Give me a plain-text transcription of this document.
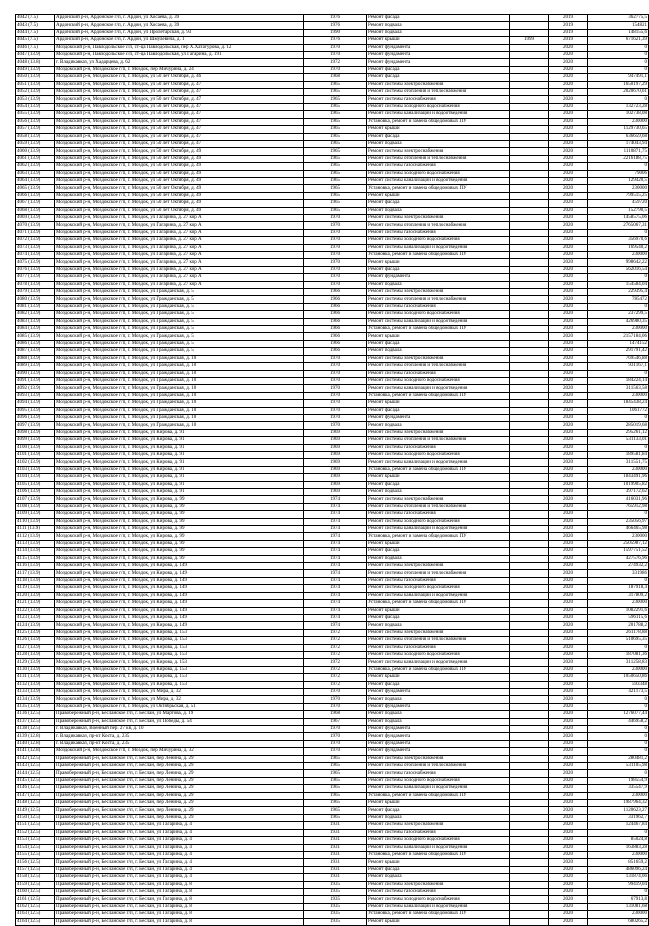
4042 (7.5)	Ардонский р-н, Ардонское г/п, г. Ардон, ул Хосаева, д. 39	1976	Ремонт фасада		2019	362775,5
4043 (7.5)	Ардонский р-н, Ардонское г/п, г. Ардон, ул Хосаева, д. 39	1976	Ремонт подвала		2019	154821
4044 (7.5)	Ардонский р-н, Ардонское г/п, г. Ардон, ул Пролетарская, д. 93	1990	Ремонт подвала		2019	148155,6
4045 (7.5)	Ардонский р-н, Ардонское г/п, г. Ардон, ул Шмулевича, д. 1	1976	Ремонт крыши	1999	2019	671621,39
4046 (7.5)	Моздокский р-н, Павлодольское с/п, ст-ца Павлодольская, пер Х.Хатагурова, д. 12	1970	Ремонт фундамента		2020	0
4047 (13.9)	Моздокский р-н, Павлодольское с/п, ст-ца Павлодольская, ул Гагарина, д. 191	1970	Ремонт фундамента		2020	0
4048 (13.8)	г. Владикавказ, ул Хадарцева, д. 62	1972	Ремонт фундамента		2020	0
4049 (13.9)	Моздокский р-н, Моздокское г/п, г. Моздок, пер Мичурина, д. 24	1970	Ремонт фасада		2020	0
4050 (13.9)	Моздокский р-н, Моздокское г/п, г. Моздок, ул 50 лет Октября, д. 46	1968	Ремонт фасада		2020	947491,1
4051 (13.9)	Моздокский р-н, Моздокское г/п, г. Моздок, ул 50 лет Октября, д. 47	1965	Ремонт системы электроснабжения		2020	1650197,29
4052 (13.9)	Моздокский р-н, Моздокское г/п, г. Моздок, ул 50 лет Октября, д. 47	1965	Ремонт системы отопления и теплоснабжения		2020	2020670,61
4053 (13.9)	Моздокский р-н, Моздокское г/п, г. Моздок, ул 50 лет Октября, д. 47	1965	Ремонт системы газоснабжения		2020	0
4054 (13.9)	Моздокский р-н, Моздокское г/п, г. Моздок, ул 50 лет Октября, д. 47	1965	Ремонт системы холодного водоснабжения		2020	132723,28
4055 (13.9)	Моздокский р-н, Моздокское г/п, г. Моздок, ул 50 лет Октября, д. 47	1965	Ремонт системы канализации и водоотведения		2020	102738,08
4056 (13.9)	Моздокский р-н, Моздокское г/п, г. Моздок, ул 50 лет Октября, д. 47	1965	Установка, ремонт и замена общедомовых ПУ		2020	230000
4057 (13.9)	Моздокский р-н, Моздокское г/п, г. Моздок, ул 50 лет Октября, д. 47	1965	Ремонт крыши		2020	1129730,65
4058 (13.9)	Моздокский р-н, Моздокское г/п, г. Моздок, ул 50 лет Октября, д. 47	1965	Ремонт фасада		2020	636659,68
4059 (13.9)	Моздокский р-н, Моздокское г/п, г. Моздок, ул 50 лет Октября, д. 47	1965	Ремонт подвала		2020	174043,94
4060 (13.9)	Моздокский р-н, Моздокское г/п, г. Моздок, ул 50 лет Октября, д. 49	1965	Ремонт системы электроснабжения		2020	1110871,75
4061 (13.9)	Моздокский р-н, Моздокское г/п, г. Моздок, ул 50 лет Октября, д. 49	1965	Ремонт системы отопления и теплоснабжения		2020	2216188,75
4062 (13.9)	Моздокский р-н, Моздокское г/п, г. Моздок, ул 50 лет Октября, д. 49	1965	Ремонт системы газоснабжения		2020	0
4063 (13.9)	Моздокский р-н, Моздокское г/п, г. Моздок, ул 50 лет Октября, д. 49	1965	Ремонт системы холодного водоснабжения		2020	79006
4064 (13.9)	Моздокский р-н, Моздокское г/п, г. Моздок, ул 50 лет Октября, д. 49	1965	Ремонт системы канализации и водоотведения		2020	129420,5
4065 (13.9)	Моздокский р-н, Моздокское г/п, г. Моздок, ул 50 лет Октября, д. 49	1965	Установка, ремонт и замена общедомовых ПУ		2020	230000
4066 (13.9)	Моздокский р-н, Моздокское г/п, г. Моздок, ул 50 лет Октября, д. 49	1965	Ремонт крыши		2020	799515,25
4067 (13.9)	Моздокский р-н, Моздокское г/п, г. Моздок, ул 50 лет Октября, д. 49	1965	Ремонт фасада		2020	459720
4068 (13.9)	Моздокский р-н, Моздокское г/п, г. Моздок, ул 50 лет Октября, д. 49	1965	Ремонт подвала		2020	152790,5
4069 (13.9)	Моздокский р-н, Моздокское г/п, г. Моздок, ул Гагарина, д. 27 кор А	1970	Ремонт системы электроснабжения		2020	1458575,06
4070 (13.9)	Моздокский р-н, Моздокское г/п, г. Моздок, ул Гагарина, д. 27 кор А	1970	Ремонт системы отопления и теплоснабжения		2020	2765067,31
4071 (13.9)	Моздокский р-н, Моздокское г/п, г. Моздок, ул Гагарина, д. 27 кор А	1970	Ремонт системы газоснабжения		2020	0
4072 (13.9)	Моздокский р-н, Моздокское г/п, г. Моздок, ул Гагарина, д. 27 кор А	1970	Ремонт системы холодного водоснабжения		2020	356970,6
4073 (13.9)	Моздокский р-н, Моздокское г/п, г. Моздок, ул Гагарина, д. 27 кор А	1970	Ремонт системы канализации и водоотведения		2020	169540,2
4074 (13.9)	Моздокский р-н, Моздокское г/п, г. Моздок, ул Гагарина, д. 27 кор А	1970	Установка, ремонт и замена общедомовых ПУ		2020	230000
4075 (13.9)	Моздокский р-н, Моздокское г/п, г. Моздок, ул Гагарина, д. 27 кор А	1970	Ремонт крыши		2020	998642,22
4076 (13.9)	Моздокский р-н, Моздокское г/п, г. Моздок, ул Гагарина, д. 27 кор А	1970	Ремонт фасада		2020	562016,54
4077 (13.9)	Моздокский р-н, Моздокское г/п, г. Моздок, ул Гагарина, д. 27 кор А	1970	Ремонт фундамента		2020	0
4078 (13.9)	Моздокский р-н, Моздокское г/п, г. Моздок, ул Гагарина, д. 27 кор А	1970	Ремонт подвала		2020	154584,04
4079 (13.9)	Моздокский р-н, Моздокское г/п, г. Моздок, ул Гражданская, д. 5	1966	Ремонт системы электроснабжения		2020	229395,4
4080 (13.9)	Моздокский р-н, Моздокское г/п, г. Моздок, ул Гражданская, д. 5	1966	Ремонт системы отопления и теплоснабжения		2020	785472
4081 (13.9)	Моздокский р-н, Моздокское г/п, г. Моздок, ул Гражданская, д. 5	1966	Ремонт системы газоснабжения		2020	0
4082 (13.9)	Моздокский р-н, Моздокское г/п, г. Моздок, ул Гражданская, д. 5	1966	Ремонт системы холодного водоснабжения		2020	237299,5
4083 (13.9)	Моздокский р-н, Моздокское г/п, г. Моздок, ул Гражданская, д. 5	1966	Ремонт системы канализации и водоотведения		2020	426980,35
4084 (13.9)	Моздокский р-н, Моздокское г/п, г. Моздок, ул Гражданская, д. 5	1966	Установка, ремонт и замена общедомовых ПУ		2020	230000
4085 (13.9)	Моздокский р-н, Моздокское г/п, г. Моздок, ул Гражданская, д. 5	1966	Ремонт крыши		2020	2157184,06
4086 (13.9)	Моздокский р-н, Моздокское г/п, г. Моздок, ул Гражданская, д. 5	1966	Ремонт фасада		2020	1474152
4087 (13.9)	Моздокский р-н, Моздокское г/п, г. Моздок, ул Гражданская, д. 5	1966	Ремонт подвала		2020	291791,42
4088 (13.9)	Моздокский р-н, Моздокское г/п, г. Моздок, ул Гражданская, д. 10	1970	Ремонт системы электроснабжения		2020	769546,88
4089 (13.9)	Моздокский р-н, Моздокское г/п, г. Моздок, ул Гражданская, д. 10	1970	Ремонт системы отопления и теплоснабжения		2020	931167,1
4090 (13.9)	Моздокский р-н, Моздокское г/п, г. Моздок, ул Гражданская, д. 10	1970	Ремонт системы газоснабжения		2020	0
4091 (13.9)	Моздокский р-н, Моздокское г/п, г. Моздок, ул Гражданская, д. 10	1970	Ремонт системы холодного водоснабжения		2020	184224,14
4092 (13.9)	Моздокский р-н, Моздокское г/п, г. Моздок, ул Гражданская, д. 10	1970	Ремонт системы канализации и водоотведения		2020	311563,58
4093 (13.9)	Моздокский р-н, Моздокское г/п, г. Моздок, ул Гражданская, д. 10	1970	Установка, ремонт и замена общедомовых ПУ		2020	230000
4094 (13.9)	Моздокский р-н, Моздокское г/п, г. Моздок, ул Гражданская, д. 10	1970	Ремонт крыши		2020	1845438,24
4095 (13.9)	Моздокский р-н, Моздокское г/п, г. Моздок, ул Гражданская, д. 10	1970	Ремонт фасада		2020	1061772
4096 (13.9)	Моздокский р-н, Моздокское г/п, г. Моздок, ул Гражданская, д. 10	1970	Ремонт фундамента		2020	0
4097 (13.9)	Моздокский р-н, Моздокское г/п, г. Моздок, ул Гражданская, д. 10	1970	Ремонт подвала		2020	285019,68
4098 (13.9)	Моздокский р-н, Моздокское г/п, г. Моздок, ул Кирова, д. 91	1969	Ремонт системы электроснабжения		2020	295261,12
4099 (13.9)	Моздокский р-н, Моздокское г/п, г. Моздок, ул Кирова, д. 91	1969	Ремонт системы отопления и теплоснабжения		2020	531133,01
4100 (13.9)	Моздокский р-н, Моздокское г/п, г. Моздок, ул Кирова, д. 91	1969	Ремонт системы газоснабжения		2020	0
4101 (13.9)	Моздокский р-н, Моздокское г/п, г. Моздок, ул Кирова, д. 91	1969	Ремонт системы холодного водоснабжения		2020	189581,84
4102 (13.9)	Моздокский р-н, Моздокское г/п, г. Моздок, ул Кирова, д. 91	1969	Ремонт системы канализации и водоотведения		2020	311551,75
4103 (13.9)	Моздокский р-н, Моздокское г/п, г. Моздок, ул Кирова, д. 91	1969	Установка, ремонт и замена общедомовых ПУ		2020	230000
4104 (13.9)	Моздокский р-н, Моздокское г/п, г. Моздок, ул Кирова, д. 91	1969	Ремонт крыши		2020	1843491,96
4105 (13.9)	Моздокский р-н, Моздокское г/п, г. Моздок, ул Кирова, д. 91	1969	Ремонт фасада		2020	1019905,82
4106 (13.9)	Моздокский р-н, Моздокское г/п, г. Моздок, ул Кирова, д. 91	1969	Ремонт подвала		2020	397172,62
4107 (13.9)	Моздокский р-н, Моздокское г/п, г. Моздок, ул Кирова, д. 99	1974	Ремонт системы электроснабжения		2020	416031,96
4108 (13.9)	Моздокский р-н, Моздокское г/п, г. Моздок, ул Кирова, д. 99	1974	Ремонт системы отопления и теплоснабжения		2020	765912,98
4109 (13.9)	Моздокский р-н, Моздокское г/п, г. Моздок, ул Кирова, д. 99	1974	Ремонт системы газоснабжения		2020	0
4110 (13.9)	Моздокский р-н, Моздокское г/п, г. Моздок, ул Кирова, д. 99	1974	Ремонт системы холодного водоснабжения		2020	235056,97
4111 (13.9)	Моздокский р-н, Моздокское г/п, г. Моздок, ул Кирова, д. 99	1974	Ремонт системы канализации и водоотведения		2020	466465,98
4112 (13.9)	Моздокский р-н, Моздокское г/п, г. Моздок, ул Кирова, д. 99	1974	Установка, ремонт и замена общедомовых ПУ		2020	230000
4113 (13.9)	Моздокский р-н, Моздокское г/п, г. Моздок, ул Кирова, д. 99	1974	Ремонт крыши		2020	2505987,12
4114 (13.9)	Моздокский р-н, Моздокское г/п, г. Моздок, ул Кирова, д. 99	1974	Ремонт фасада		2020	1597751,52
4115 (13.9)	Моздокский р-н, Моздокское г/п, г. Моздок, ул Кирова, д. 99	1974	Ремонт подвала		2020	427576,96
4116 (13.9)	Моздокский р-н, Моздокское г/п, г. Моздок, ул Кирова, д. 149	1974	Ремонт системы электроснабжения		2020	274932,2
4117 (13.9)	Моздокский р-н, Моздокское г/п, г. Моздок, ул Кирова, д. 149	1974	Ремонт системы отопления и теплоснабжения		2020	331986
4118 (13.9)	Моздокский р-н, Моздокское г/п, г. Моздок, ул Кирова, д. 149	1974	Ремонт системы газоснабжения		2020	0
4119 (13.9)	Моздокский р-н, Моздокское г/п, г. Моздок, ул Кирова, д. 149	1974	Ремонт системы холодного водоснабжения		2020	187918,4
4120 (13.9)	Моздокский р-н, Моздокское г/п, г. Моздок, ул Кирова, д. 149	1974	Ремонт системы канализации и водоотведения		2020	317809,2
4121 (13.9)	Моздокский р-н, Моздокское г/п, г. Моздок, ул Кирова, д. 149	1974	Установка, ремонт и замена общедомовых ПУ		2020	230000
4122 (13.9)	Моздокский р-н, Моздокское г/п, г. Моздок, ул Кирова, д. 149	1974	Ремонт крыши		2020	1082291,6
4123 (13.9)	Моздокский р-н, Моздокское г/п, г. Моздок, ул Кирова, д. 149	1974	Ремонт фасада		2020	596115,6
4124 (13.9)	Моздокский р-н, Моздокское г/п, г. Моздок, ул Кирова, д. 149	1974	Ремонт подвала		2020	201788,2
4125 (13.9)	Моздокский р-н, Моздокское г/п, г. Моздок, ул Кирова, д. 153	1972	Ремонт системы электроснабжения		2020	261178,88
4126 (13.9)	Моздокский р-н, Моздокское г/п, г. Моздок, ул Кирова, д. 153	1972	Ремонт системы отопления и теплоснабжения		2020	510695,35
4127 (13.9)	Моздокский р-н, Моздокское г/п, г. Моздок, ул Кирова, д. 153	1972	Ремонт системы газоснабжения		2020	0
4128 (13.9)	Моздокский р-н, Моздокское г/п, г. Моздок, ул Кирова, д. 153	1972	Ремонт системы холодного водоснабжения		2020	187081,36
4129 (13.9)	Моздокский р-н, Моздокское г/п, г. Моздок, ул Кирова, д. 153	1972	Ремонт системы канализации и водоотведения		2020	311258,83
4130 (13.9)	Моздокский р-н, Моздокское г/п, г. Моздок, ул Кирова, д. 153	1972	Установка, ремонт и замена общедомовых ПУ		2020	230000
4131 (13.9)	Моздокский р-н, Моздокское г/п, г. Моздок, ул Кирова, д. 153	1972	Ремонт крыши		2020	1050650,86
4132 (13.9)	Моздокский р-н, Моздокское г/п, г. Моздок, ул Кирова, д. 153	1972	Ремонт фасада		2020	593348
4133 (13.9)	Моздокский р-н, Моздокское г/п, г. Моздок, ул Мира, д. 32	1970	Ремонт фундамента		2020	421173,5
4134 (13.9)	Моздокский р-н, Моздокское г/п, г. Моздок, ул Мира, д. 32	1970	Ремонт подвала		2020	0
4135 (13.9)	Моздокский р-н, Моздокское г/п, г. Моздок, ул Октябрьская, д. 51	1970	Ремонт фундамента		2020	0
4136 (12.5)	Правобережный р-н, Бесланское г/п, г. Беслан, ул Мартова, д. 19	1968	Ремонт подвала		2020	1276077,44
4137 (12.5)	Правобережный р-н, Бесланское г/п, г. Беслан, ул Победы, д. 54	1967	Ремонт подвала		2020	446958,2
4138 (12.5)	г. Владикавказ, Военный пер. 27 кв, д. 10	1970	Ремонт фундамента		2020	0
4139 (12.8)	г. Владикавказ, пр-кт Коста, д. 235	1970	Ремонт фундамента		2020	0
4140 (12.8)	г. Владикавказ, пр-кт Коста, д. 235	1970	Ремонт фундамента		2020	0
4141 (12.8)	Моздокский р-н, Моздокское г/п, г. Моздок, пер Мичурина, д. 32	1970	Ремонт фундамента		2020	0
4142 (12.5)	Правобережный р-н, Бесланское г/п, г. Беслан, пер Ленина, д. 29	1965	Ремонт системы электроснабжения		2020	280481,2
4143 (12.5)	Правобережный р-н, Бесланское г/п, г. Беслан, пер Ленина, д. 29	1965	Ремонт системы отопления и теплоснабжения		2020	531105,98
4144 (12.5)	Правобережный р-н, Бесланское г/п, г. Беслан, пер Ленина, д. 29	1965	Ремонт системы газоснабжения		2020	0
4145 (12.5)	Правобережный р-н, Бесланское г/п, г. Беслан, пер Ленина, д. 29	1965	Ремонт системы холодного водоснабжения		2020	198554,9
4146 (12.5)	Правобережный р-н, Бесланское г/п, г. Беслан, пер Ленина, д. 29	1965	Ремонт системы канализации и водоотведения		2020	335547,9
4147 (12.5)	Правобережный р-н, Бесланское г/п, г. Беслан, пер Ленина, д. 29	1965	Установка, ремонт и замена общедомовых ПУ		2020	230000
4148 (12.5)	Правобережный р-н, Бесланское г/п, г. Беслан, пер Ленина, д. 29	1965	Ремонт крыши		2020	1987964,32
4149 (12.5)	Правобережный р-н, Бесланское г/п, г. Беслан, пер Ленина, д. 29	1965	Ремонт фасада		2020	1120623,27
4150 (12.5)	Правобережный р-н, Бесланское г/п, г. Беслан, пер Ленина, д. 29	1965	Ремонт подвала		2020	331962,7
4151 (12.5)	Правобережный р-н, Бесланское г/п, г. Беслан, ул Гагарина, д. 4	1931	Ремонт системы электроснабжения		2020	124467,84
4152 (12.5)	Правобережный р-н, Бесланское г/п, г. Беслан, ул Гагарина, д. 4	1931	Ремонт системы газоснабжения		2020	0
4153 (12.5)	Правобережный р-н, Бесланское г/п, г. Беслан, ул Гагарина, д. 4	1931	Ремонт системы холодного водоснабжения		2020	85024,8
4154 (12.5)	Правобережный р-н, Бесланское г/п, г. Беслан, ул Гагарина, д. 4	1931	Ремонт системы канализации и водоотведения		2020	163883,28
4155 (12.5)	Правобережный р-н, Бесланское г/п, г. Беслан, ул Гагарина, д. 4	1931	Установка, ремонт и замена общедомовых ПУ		2020	230000
4156 (12.5)	Правобережный р-н, Бесланское г/п, г. Беслан, ул Гагарина, д. 4	1931	Ремонт крыши		2020	851659,2
4157 (12.5)	Правобережный р-н, Бесланское г/п, г. Беслан, ул Гагарина, д. 4	1931	Ремонт фасада		2020	486096,24
4158 (12.5)	Правобережный р-н, Бесланское г/п, г. Беслан, ул Гагарина, д. 4	1931	Ремонт подвала		2020	131874,06
4159 (12.5)	Правобережный р-н, Бесланское г/п, г. Беслан, ул Гагарина, д. 8	1935	Ремонт системы электроснабжения		2020	99419,04
4160 (12.5)	Правобережный р-н, Бесланское г/п, г. Беслан, ул Гагарина, д. 8	1935	Ремонт системы газоснабжения		2020	0
4161 (12.5)	Правобережный р-н, Бесланское г/п, г. Беслан, ул Гагарина, д. 8	1935	Ремонт системы холодного водоснабжения		2020	67913,8
4162 (12.5)	Правобережный р-н, Бесланское г/п, г. Беслан, ул Гагарина, д. 8	1935	Ремонт системы канализации и водоотведения		2020	131081,68
4163 (12.5)	Правобережный р-н, Бесланское г/п, г. Беслан, ул Гагарина, д. 8	1935	Установка, ремонт и замена общедомовых ПУ		2020	230000
4164 (12.5)	Правобережный р-н, Бесланское г/п, г. Беслан, ул Гагарина, д. 8	1935	Ремонт крыши		2020	680265,2
